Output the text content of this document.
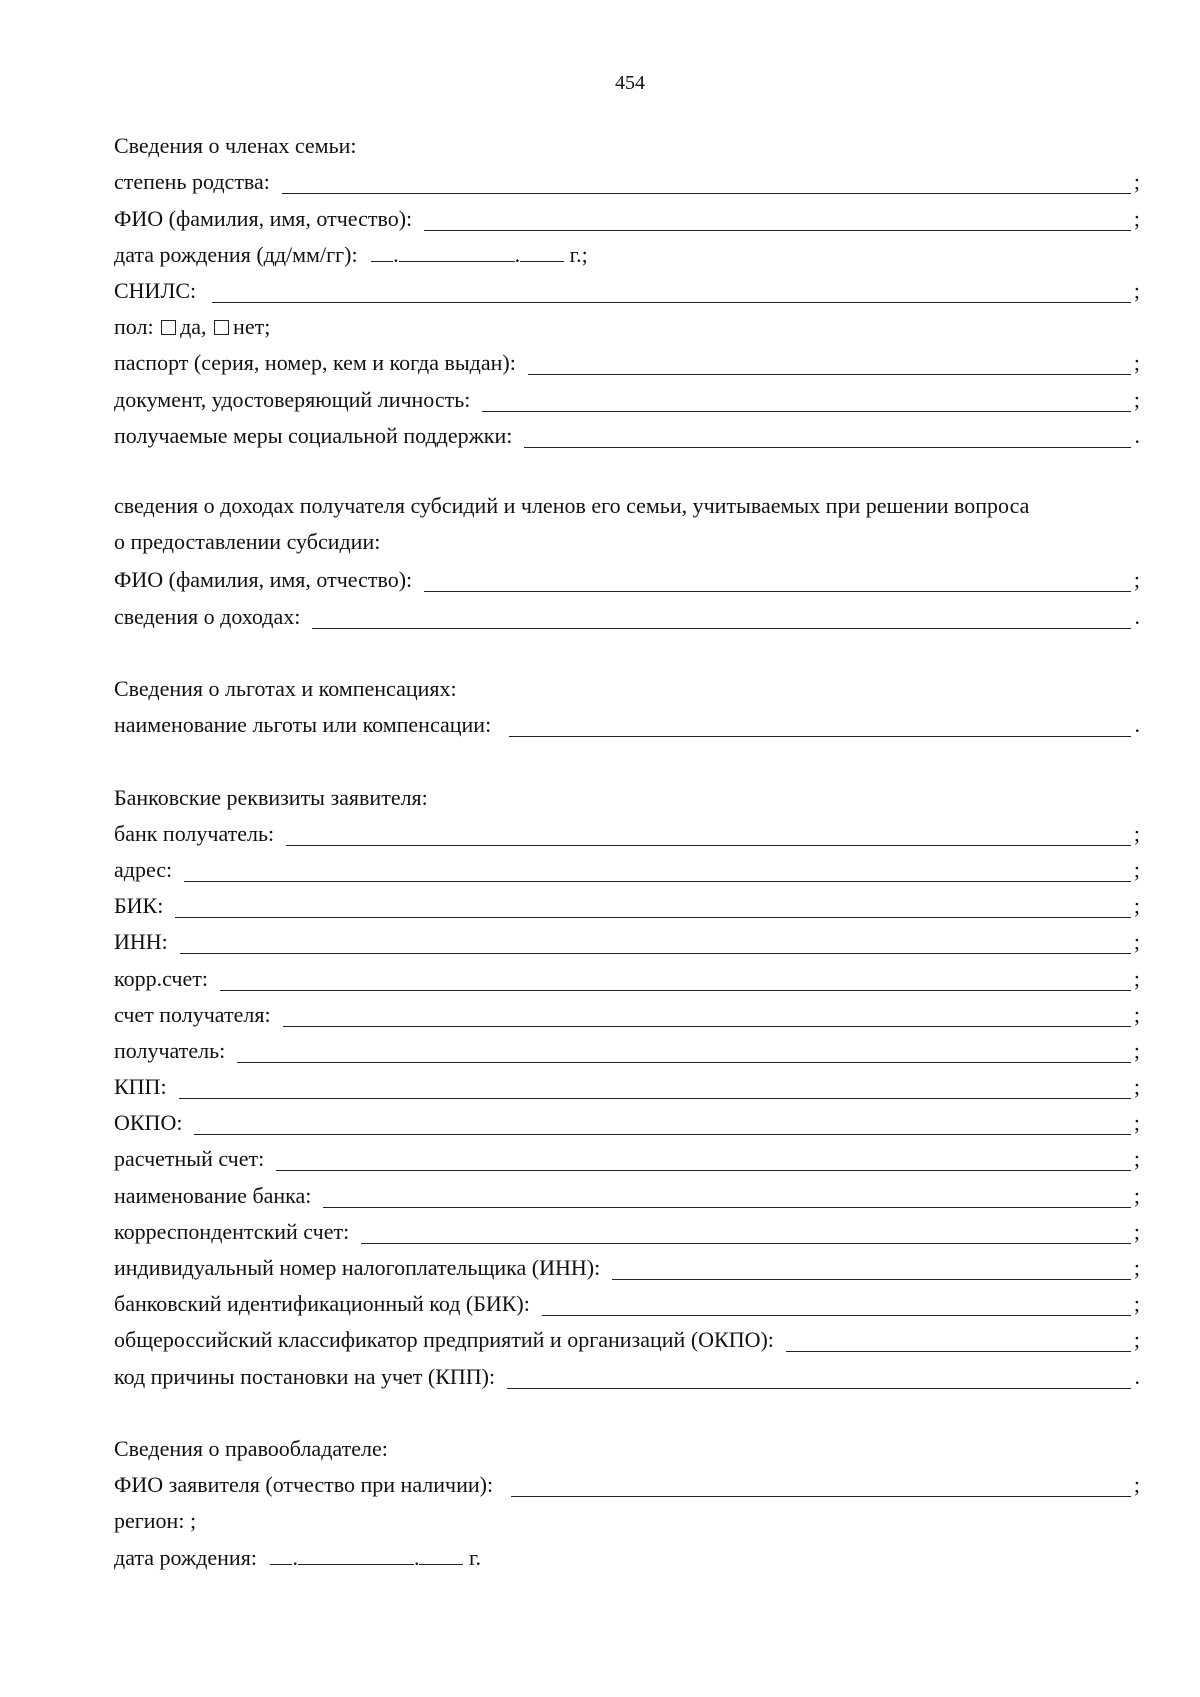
454
Сведения о членах семьи:
степень родства:	;
ФИО (фамилия, имя, отчество):	;
дата рождения (дд/мм/гг): .	. г.;
СНИЛС:	;
пол: да, нет;
паспорт (серия, номер, кем и когда выдан):	;
документ, удостоверяющий личность:	;
получаемые меры социальной поддержки:	.
сведения о доходах получателя субсидий и членов его семьи, учитываемых при решении вопроса
о предоставлении субсидии:
ФИО (фамилия, имя, отчество):	;
сведения о доходах:	.
Сведения о льготах и компенсациях:
наименование льготы или компенсации:	.
Банковские реквизиты заявителя:
банк получатель:	;
адрес:	;
БИК:	;
ИНН:	;
корр.счет:	;
счет получателя:	;
получатель:	;
КПП:	;
ОКПО:	;
расчетный счет:	;
наименование банка:	;
корреспондентский счет:	;
индивидуальный номер налогоплательщика (ИНН):	;
банковский идентификационный код (БИК):	;
общероссийский классификатор предприятий и организаций (ОКПО):	;
код причины постановки на учет (КПП):	.
Сведения о правообладателе:
ФИО заявителя (отчество при наличии):	;
регион: ;
дата рождения: .	. г.
